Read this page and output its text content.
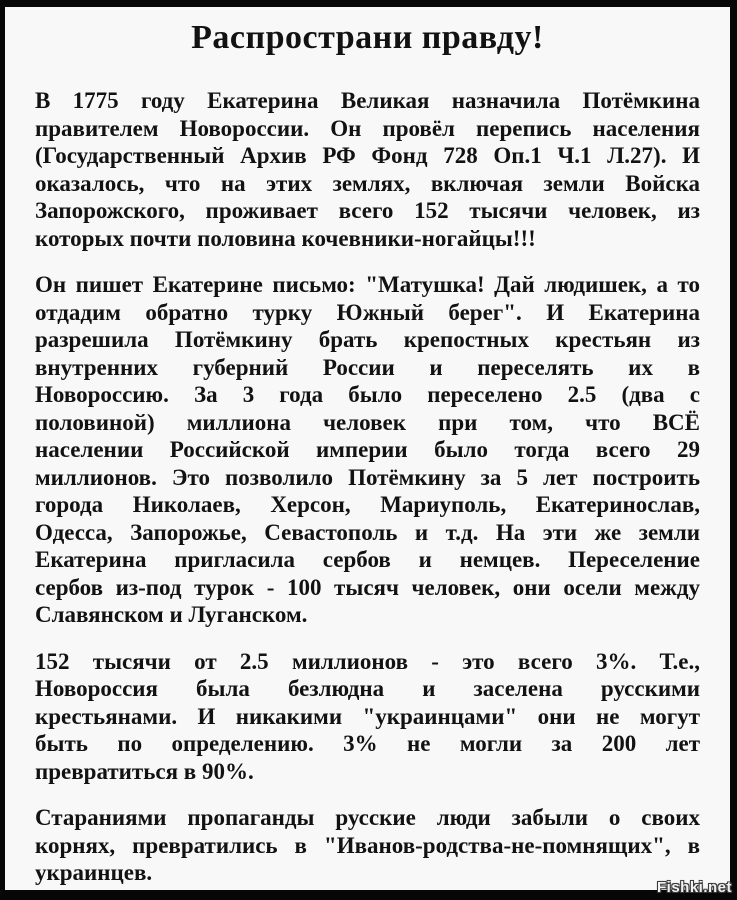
Распространи правду!
В 1775 году Екатерина Великая назначила Потёмкина
правителем Новороссии. Он провёл перепись населения
(Государственный Архив РФ Фонд 728 Оп.1 Ч.1 Л.27). И
оказалось, что на этих землях, включая земли Войска
Запорожского, проживает всего 152 тысячи человек, из
которых почти половина кочевники-ногайцы!!!
Он пишет Екатерине письмо: "Матушка! Дай людишек, а то
отдадим обратно турку Южный берег". И Екатерина
разрешила Потёмкину брать крепостных крестьян из
внутренних губерний России и переселять их в
Новороссию. За 3 года было переселено 2.5 (два с
половиной) миллиона человек при том, что ВСЁ
населении Российской империи было тогда всего 29
миллионов. Это позволило Потёмкину за 5 лет построить
города Николаев, Херсон, Мариуполь, Екатеринослав,
Одесса, Запорожье, Севастополь и т.д. На эти же земли
Екатерина пригласила сербов и немцев. Переселение
сербов из-под турок - 100 тысяч человек, они осели между
Славянском и Луганском.
152 тысячи от 2.5 миллионов - это всего 3%. Т.е.,
Новороссия была безлюдна и заселена русскими
крестьянами. И никакими "украинцами" они не могут
быть по определению. 3% не могли за 200 лет
превратиться в 90%.
Стараниями пропаганды русские люди забыли о своих
корнях, превратились в "Иванов-родства-не-помнящих", в
украинцев.
Fishki.net
